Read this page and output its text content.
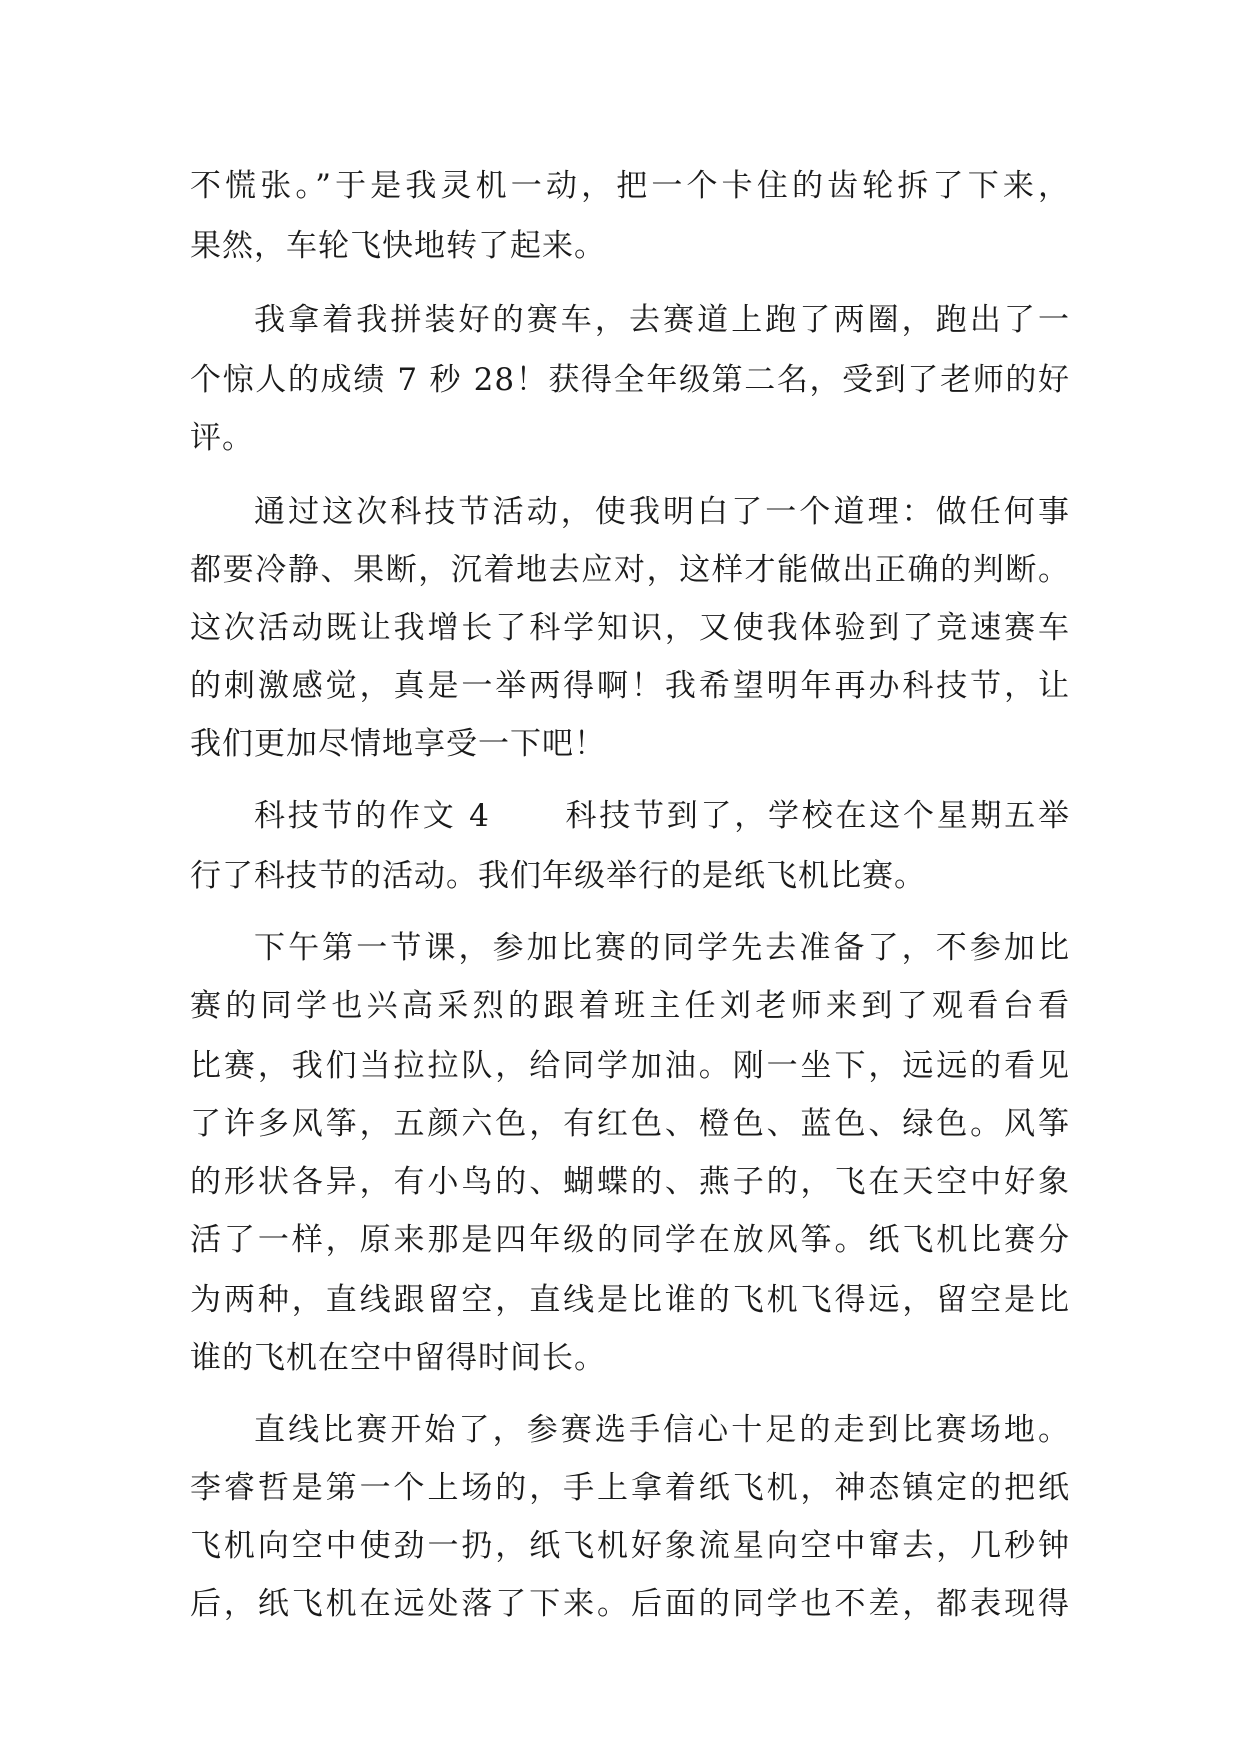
不慌张。”于是我灵机一动，把一个卡住的齿轮拆了下来，
果然，车轮飞快地转了起来。
我拿着我拼装好的赛车，去赛道上跑了两圈，跑出了一
个惊人的成绩 7 秒 28！获得全年级第二名，受到了老师的好
评。
通过这次科技节活动，使我明白了一个道理：做任何事
都要冷静、果断，沉着地去应对，这样才能做出正确的判断。
这次活动既让我增长了科学知识，又使我体验到了竞速赛车
的刺激感觉，真是一举两得啊！我希望明年再办科技节，让
我们更加尽情地享受一下吧！
科技节的作文 4 科技节到了，学校在这个星期五举
行了科技节的活动。我们年级举行的是纸飞机比赛。
下午第一节课，参加比赛的同学先去准备了，不参加比
赛的同学也兴高采烈的跟着班主任刘老师来到了观看台看
比赛，我们当拉拉队，给同学加油。刚一坐下，远远的看见
了许多风筝，五颜六色，有红色、橙色、蓝色、绿色。风筝
的形状各异，有小鸟的、蝴蝶的、燕子的，飞在天空中好象
活了一样，原来那是四年级的同学在放风筝。纸飞机比赛分
为两种，直线跟留空，直线是比谁的飞机飞得远，留空是比
谁的飞机在空中留得时间长。
直线比赛开始了，参赛选手信心十足的走到比赛场地。
李睿哲是第一个上场的，手上拿着纸飞机，神态镇定的把纸
飞机向空中使劲一扔，纸飞机好象流星向空中窜去，几秒钟
后，纸飞机在远处落了下来。后面的同学也不差，都表现得
